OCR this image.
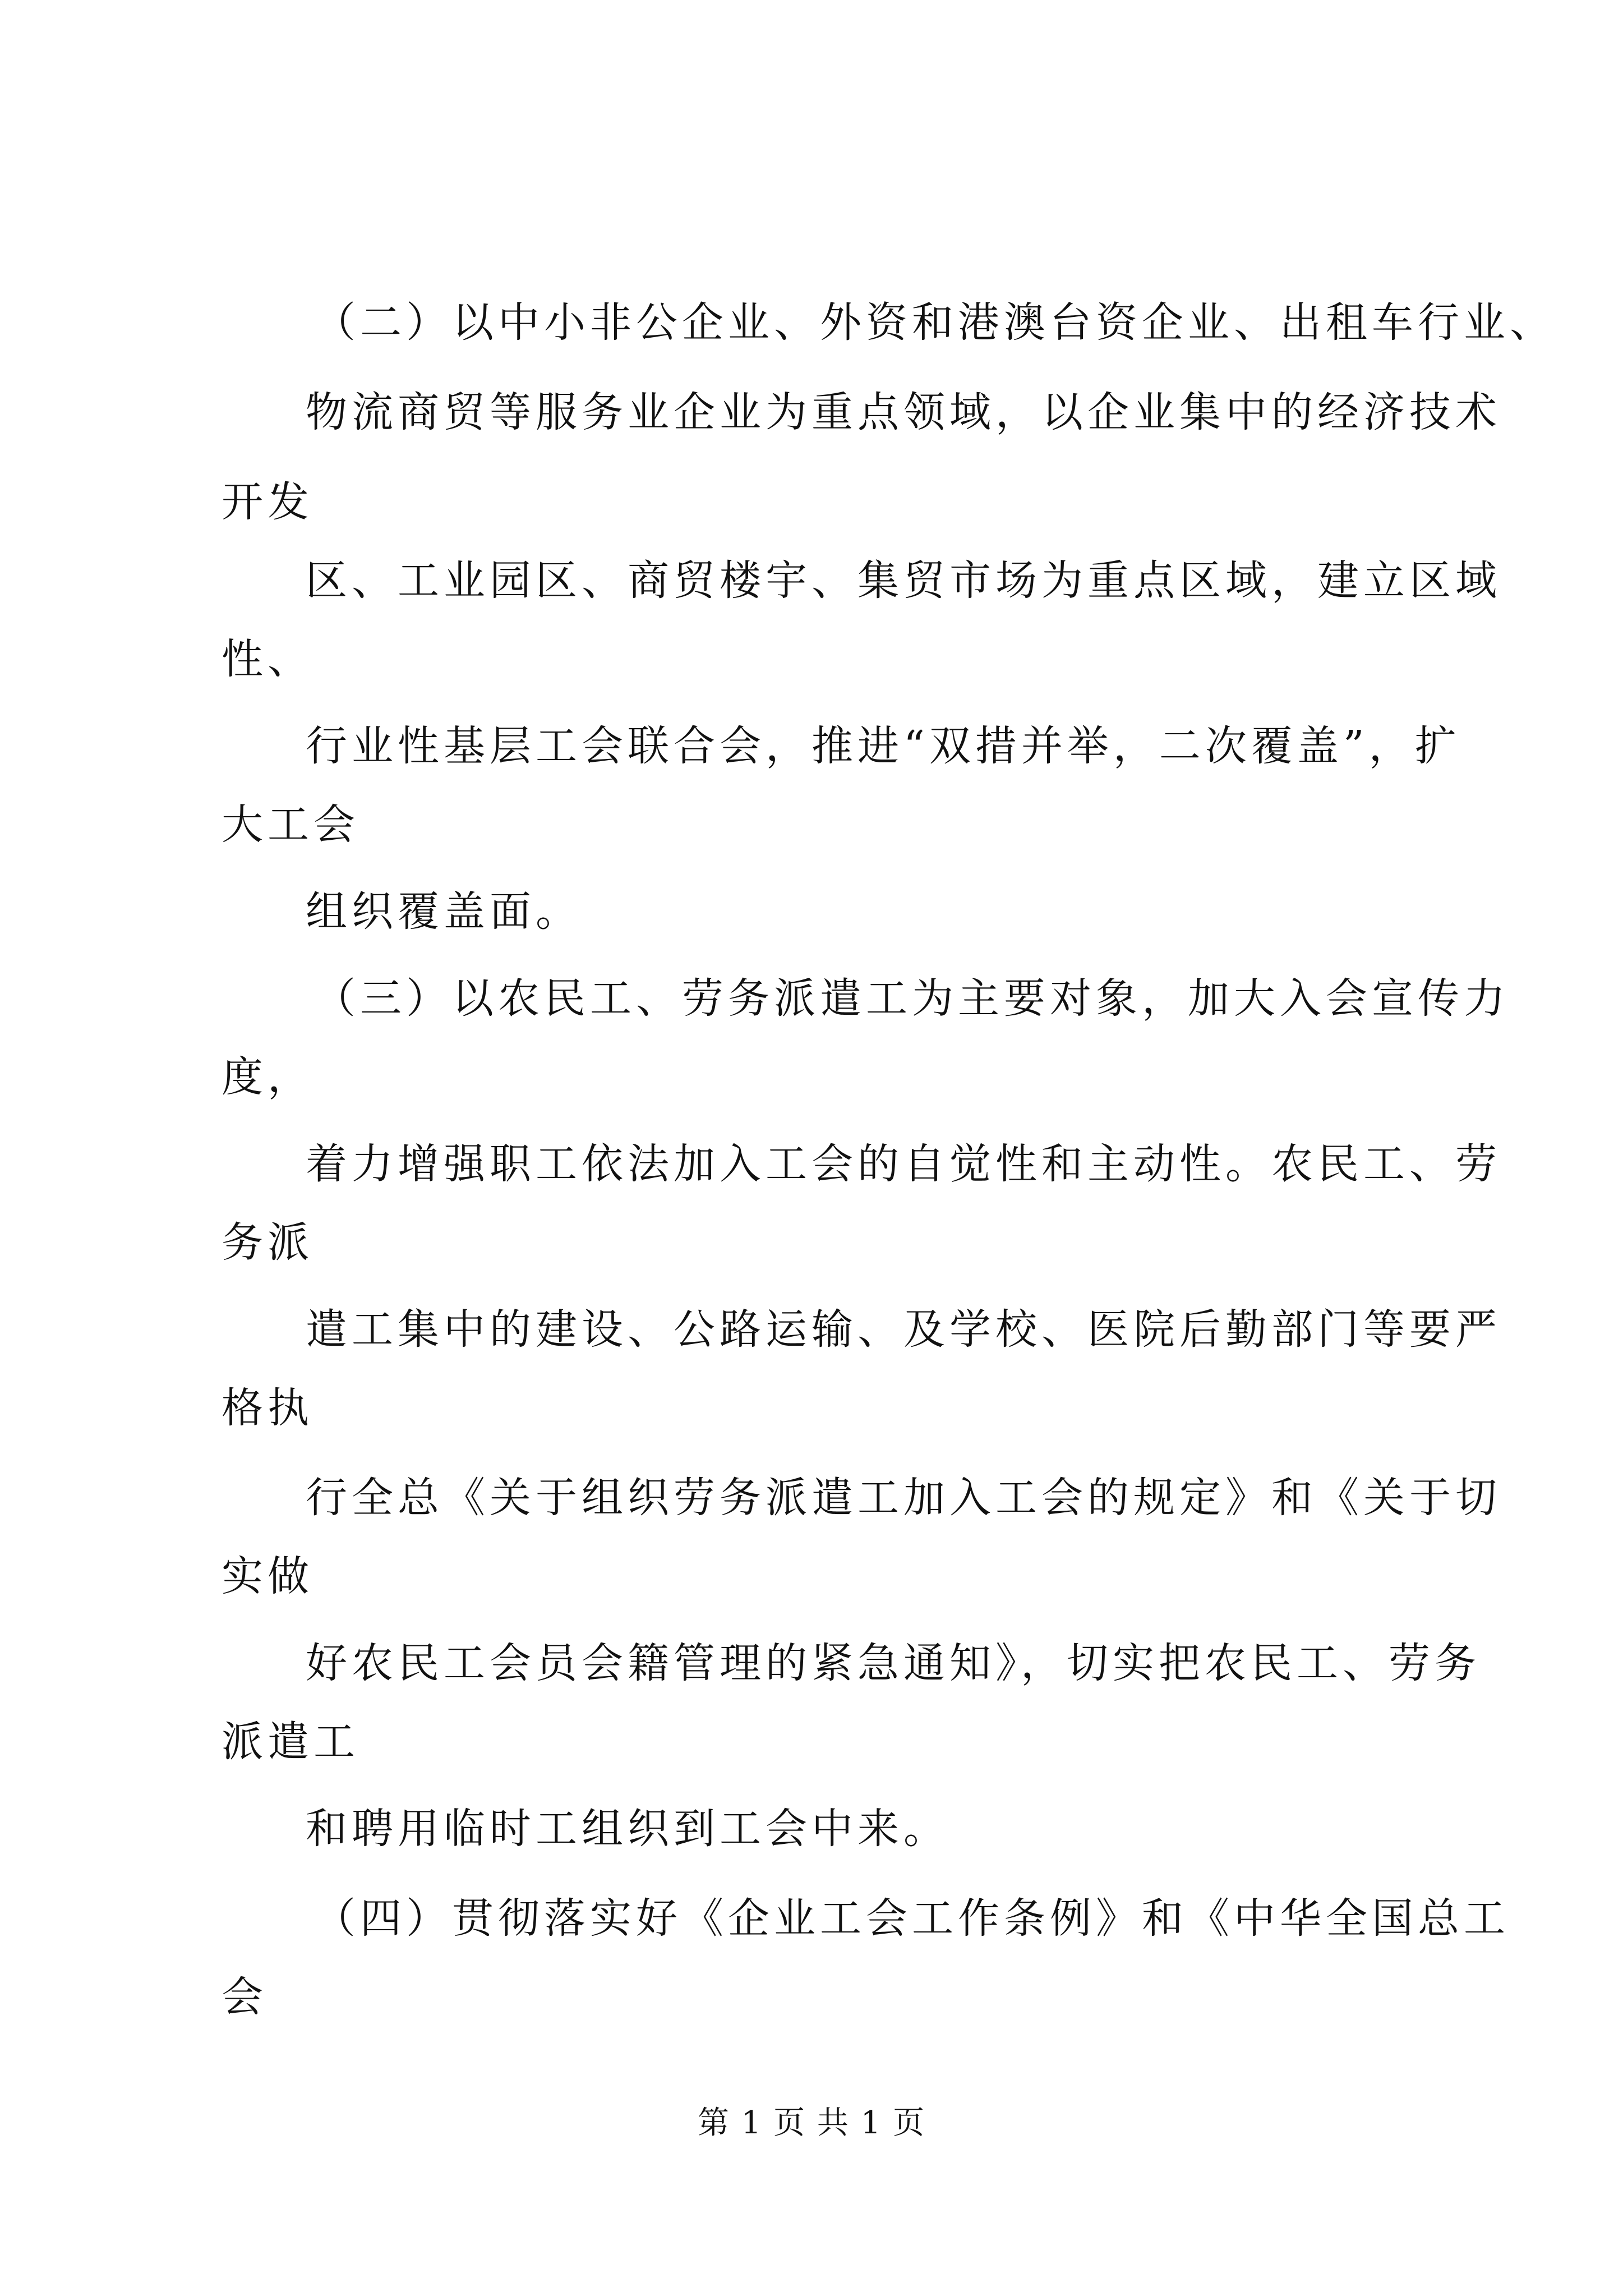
（二）以中小非公企业、外资和港澳台资企业、出租车行业、
物流商贸等服务业企业为重点领域，以企业集中的经济技术
开发
区、工业园区、商贸楼宇、集贸市场为重点区域，建立区域
性、
行业性基层工会联合会，推进“双措并举，二次覆盖”，扩
大工会
组织覆盖面。
（三）以农民工、劳务派遣工为主要对象，加大入会宣传力
度，
着力增强职工依法加入工会的自觉性和主动性。农民工、劳
务派
遣工集中的建设、公路运输、及学校、医院后勤部门等要严
格执
行全总《关于组织劳务派遣工加入工会的规定》和《关于切
实做
好农民工会员会籍管理的紧急通知》，切实把农民工、劳务
派遣工
和聘用临时工组织到工会中来。
（四）贯彻落实好《企业工会工作条例》和《中华全国总工
会
第 1 页 共 1 页
